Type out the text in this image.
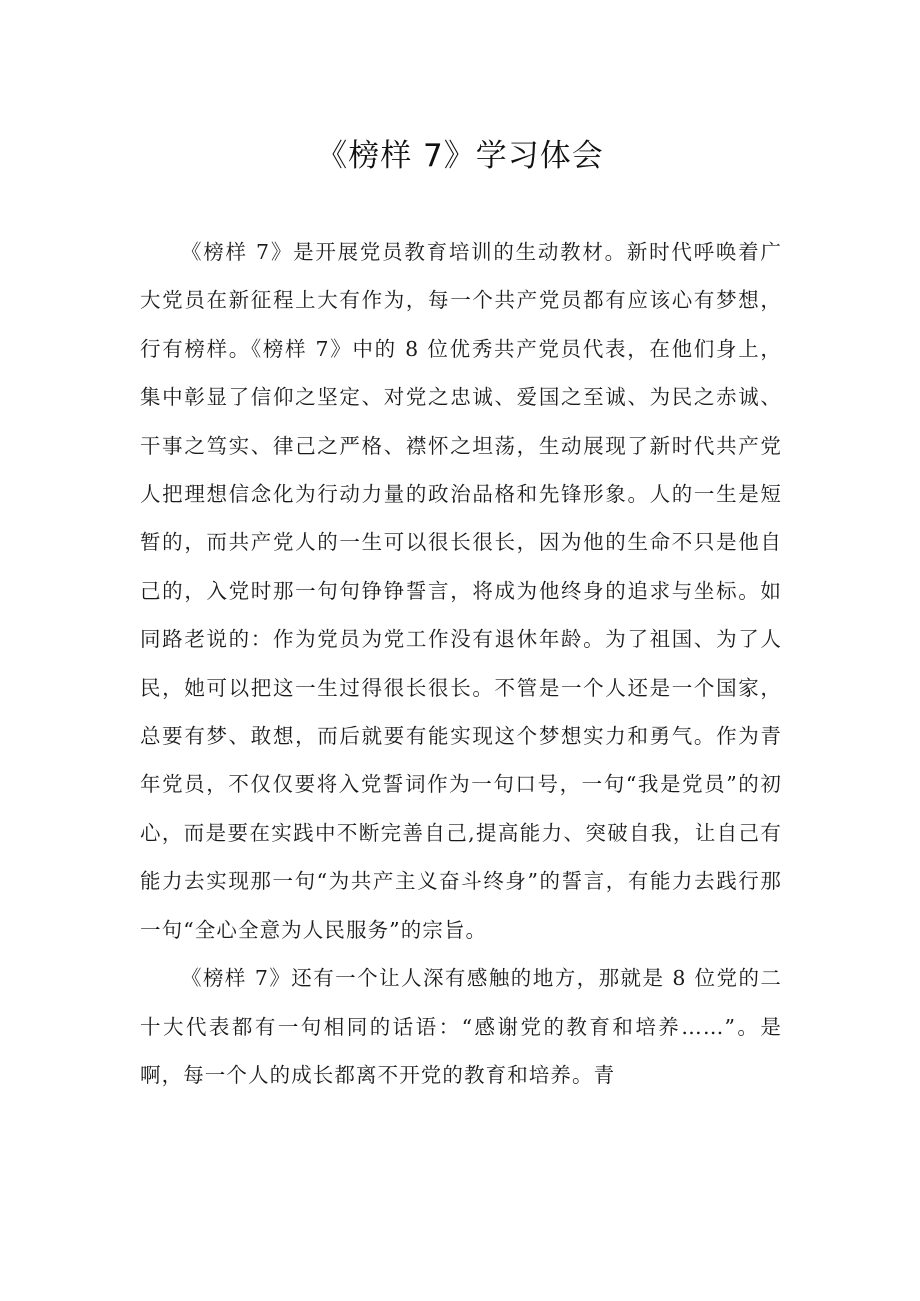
《榜样 7》学习体会

《榜样 7》是开展党员教育培训的生动教材。新时代呼唤着广大党员在新征程上大有作为，每一个共产党员都有应该心有梦想，行有榜样。《榜样 7》中的 8 位优秀共产党员代表，在他们身上，集中彰显了信仰之坚定、对党之忠诚、爱国之至诚、为民之赤诚、干事之笃实、律己之严格、襟怀之坦荡，生动展现了新时代共产党人把理想信念化为行动力量的政治品格和先锋形象。人的一生是短暂的，而共产党人的一生可以很长很长，因为他的生命不只是他自己的，入党时那一句句铮铮誓言，将成为他终身的追求与坐标。如同路老说的：作为党员为党工作没有退休年龄。为了祖国、为了人民，她可以把这一生过得很长很长。不管是一个人还是一个国家，总要有梦、敢想，而后就要有能实现这个梦想实力和勇气。作为青年党员，不仅仅要将入党誓词作为一句口号，一句“我是党员”的初心，而是要在实践中不断完善自己,提高能力、突破自我，让自己有能力去实现那一句“为共产主义奋斗终身”的誓言，有能力去践行那一句“全心全意为人民服务”的宗旨。

《榜样 7》还有一个让人深有感触的地方，那就是 8 位党的二十大代表都有一句相同的话语：“感谢党的教育和培养……”。是啊，每一个人的成长都离不开党的教育和培养。青
